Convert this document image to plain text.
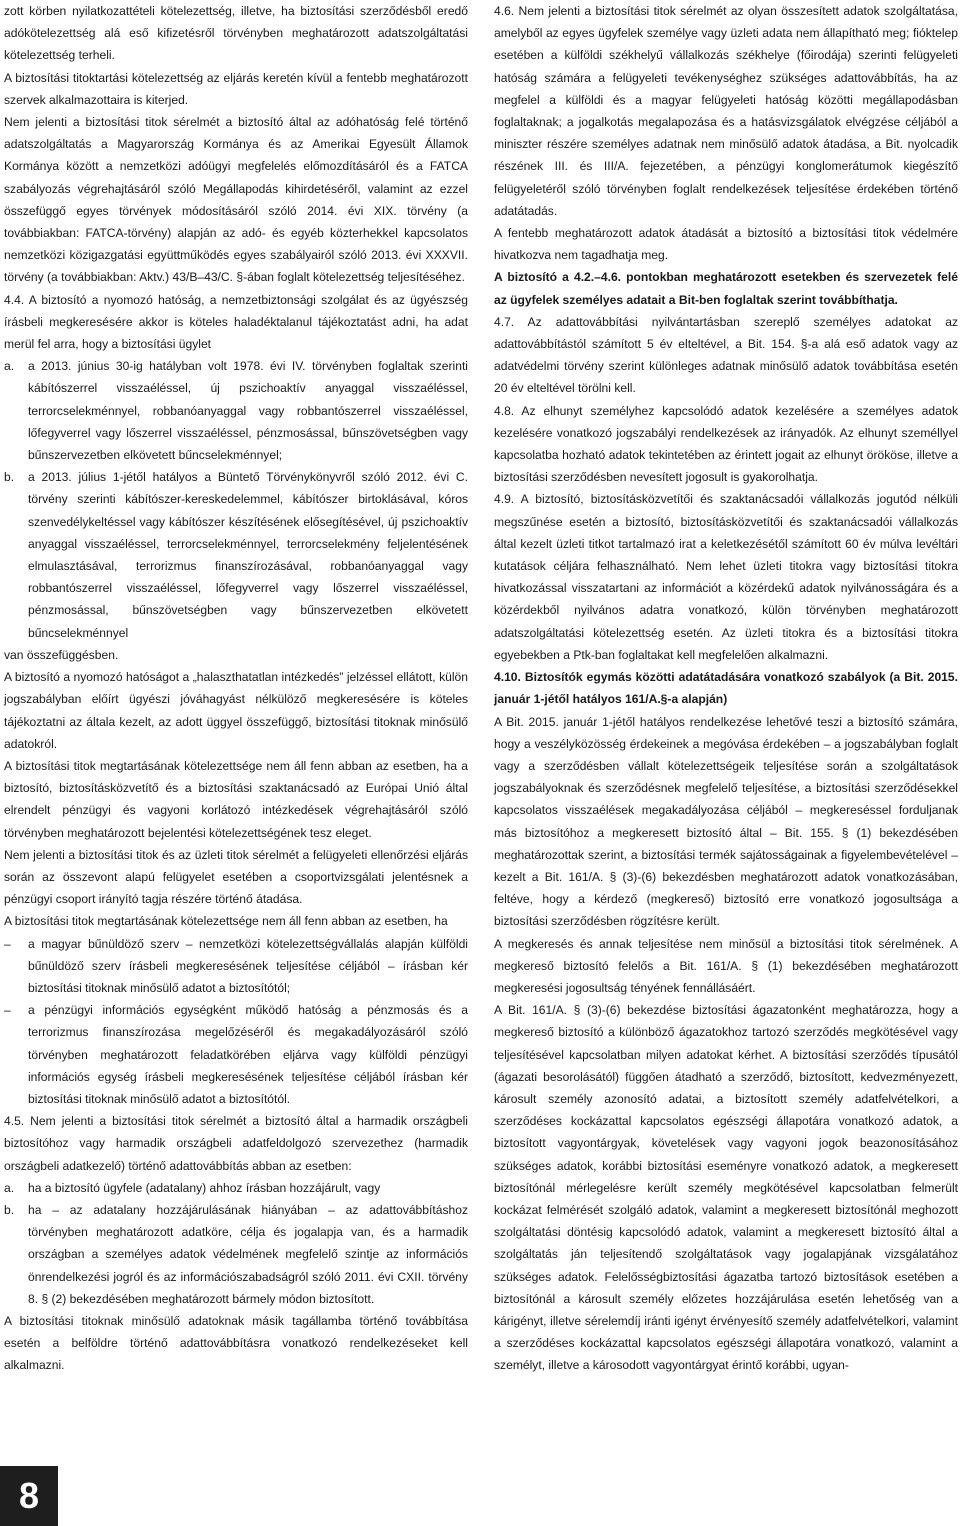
zott körben nyilatkozattételi kötelezettség, illetve, ha biztosítási szerződésből eredő adókötelezettség alá eső kifizetésről törvényben meghatározott adatszolgáltatási kötelezettség terheli.

A biztosítási titoktartási kötelezettség az eljárás keretén kívül a fentebb meghatározott szervek alkalmazottaira is kiterjed.

Nem jelenti a biztosítási titok sérelmét a biztosító által az adóhatóság felé történő adatszolgáltatás a Magyarország Kormánya és az Amerikai Egyesült Államok Kormánya között a nemzetközi adóügyi megfelelés előmozdításáról és a FATCA szabályozás végrehajtásáról szóló Megállapodás kihirdetéséről, valamint az ezzel összefüggő egyes törvények módosításáról szóló 2014. évi XIX. törvény (a továbbiakban: FATCA-törvény) alapján az adó- és egyéb közterhekkel kapcsolatos nemzetközi közigazgatási együttműködés egyes szabályairól szóló 2013. évi XXXVII. törvény (a továbbiakban: Aktv.) 43/B–43/C. §-ában foglalt kötelezettség teljesítéséhez.

4.4. A biztosító a nyomozó hatóság, a nemzetbiztonsági szolgálat és az ügyészség írásbeli megkeresésére akkor is köteles haladéktalanul tájékoztatást adni, ha adat merül fel arra, hogy a biztosítási ügylet

a. a 2013. június 30-ig hatályban volt 1978. évi IV. törvényben foglaltak szerinti kábítószerrel visszaéléssel, új pszichoaktív anyaggal visszaéléssel, terrorcselekménnyel, robbanóanyaggal vagy robbantószerrel visszaéléssel, lőfegyverrel vagy lőszerrel visszaéléssel, pénzmosással, bűnszövetségben vagy bűnszervezetben elkövetett bűncselekménnyel;

b. a 2013. július 1-jétől hatályos a Büntető Törvénykönyvről szóló 2012. évi C. törvény szerinti kábítószer-kereskedelemmel, kábítószer birtoklásával, kóros szenvedélykeltéssel vagy kábítószer készítésének elősegítésével, új pszichoaktív anyaggal visszaéléssel, terrorcselekménnyel, terrorcselekmény feljelentésének elmulasztásával, terrorizmus finanszírozásával, robbanóanyaggal vagy robbantószerrel visszaéléssel, lőfegyverrel vagy lőszerrel visszaéléssel, pénzmosással, bűnszövetségben vagy bűnszervezetben elkövetett bűncselekménnyel

van összefüggésben.

A biztosító a nyomozó hatóságot a „halaszthatatlan intézkedés” jelzéssel ellátott, külön jogszabályban előírt ügyészi jóváhagyást nélkülöző megkeresésére is köteles tájékoztatni az általa kezelt, az adott üggyel összefüggő, biztosítási titoknak minősülő adatokról.

A biztosítási titok megtartásának kötelezettsége nem áll fenn abban az esetben, ha a biztosító, biztosításközvetítő és a biztosítási szaktanácsadó az Európai Unió által elrendelt pénzügyi és vagyoni korlátozó intézkedések végrehajtásáról szóló törvényben meghatározott bejelentési kötelezettségének tesz eleget.

Nem jelenti a biztosítási titok és az üzleti titok sérelmét a felügyeleti ellenőrzési eljárás során az összevont alapú felügyelet esetében a csoportvizsgálati jelentésnek a pénzügyi csoport irányító tagja részére történő átadása.

A biztosítási titok megtartásának kötelezettsége nem áll fenn abban az esetben, ha

– a magyar bűnüldöző szerv – nemzetközi kötelezettségvállalás alapján külföldi bűnüldöző szerv írásbeli megkeresésének teljesítése céljából – írásban kér biztosítási titoknak minősülő adatot a biztosítótól;

– a pénzügyi információs egységként működő hatóság a pénzmosás és a terrorizmus finanszírozása megelőzéséről és megakadályozásáról szóló törvényben meghatározott feladatkörében eljárva vagy külföldi pénzügyi információs egység írásbeli megkeresésének teljesítése céljából írásban kér biztosítási titoknak minősülő adatot a biztosítótól.

4.5. Nem jelenti a biztosítási titok sérelmét a biztosító által a harmadik országbeli biztosítóhoz vagy harmadik országbeli adatfeldolgozó szervezethez (harmadik országbeli adatkezelő) történő adattovábbítás abban az esetben:

a. ha a biztosító ügyfele (adatalany) ahhoz írásban hozzájárult, vagy

b. ha – az adatalany hozzájárulásának hiányában – az adattovábbításhoz törvényben meghatározott adatköre, célja és jogalapja van, és a harmadik országban a személyes adatok védelmének megfelelő szintje az információs önrendelkezési jogról és az információszabadságról szóló 2011. évi CXII. törvény 8. § (2) bekezdésében meghatározott bármely módon biztosított.

A biztosítási titoknak minősülő adatoknak másik tagállamba történő továbbítása esetén a belföldre történő adattovábbításra vonatkozó rendelkezéseket kell alkalmazni.

4.6. Nem jelenti a biztosítási titok sérelmét az olyan összesített adatok szolgáltatása, amelyből az egyes ügyfelek személye vagy üzleti adata nem állapítható meg; fióktelep esetében a külföldi székhelyű vállalkozás székhelye (főirodája) szerinti felügyeleti hatóság számára a felügyeleti tevékenységhez szükséges adattovábbítás, ha az megfelel a külföldi és a magyar felügyeleti hatóság közötti megállapodásban foglaltaknak; a jogalkotás megalapozása és a hatásvizsgálatok elvégzése céljából a miniszter részére személyes adatnak nem minősülő adatok átadása, a Bit. nyolcadik részének III. és III/A. fejezetében, a pénzügyi konglomerátumok kiegészítő felügyeletéről szóló törvényben foglalt rendelkezések teljesítése érdekében történő adatátadás.

A fentebb meghatározott adatok átadását a biztosító a biztosítási titok védelmére hivatkozva nem tagadhatja meg.

A biztosító a 4.2.–4.6. pontokban meghatározott esetekben és szervezetek felé az ügyfelek személyes adatait a Bit-ben foglaltak szerint továbbíthatja.

4.7. Az adattovábbítási nyilvántartásban szereplő személyes adatokat az adattovábbítástól számított 5 év elteltével, a Bit. 154. §-a alá eső adatok vagy az adatvédelmi törvény szerint különleges adatnak minősülő adatok továbbítása esetén 20 év elteltével törölni kell.

4.8. Az elhunyt személyhez kapcsolódó adatok kezelésére a személyes adatok kezelésére vonatkozó jogszabályi rendelkezések az irányadók. Az elhunyt személlyel kapcsolatba hozható adatok tekintetében az érintett jogait az elhunyt örököse, illetve a biztosítási szerződésben nevesített jogosult is gyakorolhatja.

4.9. A biztosító, biztosításközvetítői és szaktanácsadói vállalkozás jogutód nélküli megszűnése esetén a biztosító, biztosításközvetítői és szaktanácsadói vállalkozás által kezelt üzleti titkot tartalmazó irat a keletkezésétől számított 60 év múlva levéltári kutatások céljára felhasználható. Nem lehet üzleti titokra vagy biztosítási titokra hivatkozással visszatartani az információt a közérdekű adatok nyilvánosságára és a közérdekből nyilvános adatra vonatkozó, külön törvényben meghatározott adatszolgáltatási kötelezettség esetén. Az üzleti titokra és a biztosítási titokra egyebekben a Ptk-ban foglaltakat kell megfelelően alkalmazni.

4.10. Biztosítók egymás közötti adatátadására vonatkozó szabályok (a Bit. 2015. január 1-jétől hatályos 161/A.§-a alapján)

A Bit. 2015. január 1-jétől hatályos rendelkezése lehetővé teszi a biztosító számára, hogy a veszélyközösség érdekeinek a megóvása érdekében – a jogszabályban foglalt vagy a szerződésben vállalt kötelezettségeik teljesítése során a szolgáltatások jogszabályoknak és szerződésnek megfelelő teljesítése, a biztosítási szerződésekkel kapcsolatos visszaélések megakadályozása céljából – megkereséssel forduljanak más biztosítóhoz a megkeresett biztosító által – Bit. 155. § (1) bekezdésében meghatározottak szerint, a biztosítási termék sajátosságainak a figyelembevételével – kezelt a Bit. 161/A. § (3)-(6) bekezdésben meghatározott adatok vonatkozásában, feltéve, hogy a kérdező (megkereső) biztosító erre vonatkozó jogosultsága a biztosítási szerződésben rögzítésre került.

A megkeresés és annak teljesítése nem minősül a biztosítási titok sérelmének. A megkereső biztosító felelős a Bit. 161/A. § (1) bekezdésében meghatározott megkeresési jogosultság tényének fennállásáért.

A Bit. 161/A. § (3)-(6) bekezdése biztosítási ágazatonként meghatározza, hogy a megkereső biztosító a különböző ágazatokhoz tartozó szerződés megkötésével vagy teljesítésével kapcsolatban milyen adatokat kérhet. A biztosítási szerződés típusától (ágazati besorolásától) függően átadható a szerződő, biztosított, kedvezményezett, károsult személy azonosító adatai, a biztosított személy adatfelvételkori, a szerződéses kockázattal kapcsolatos egészségi állapotára vonatkozó adatok, a biztosított vagyontárgyak, követelések vagy vagyoni jogok beazonosításához szükséges adatok, korábbi biztosítási eseményre vonatkozó adatok, a megkeresett biztosítónál mérlegelésre került személy megkötésével kapcsolatban felmerült kockázat felmérését szolgáló adatok, valamint a megkeresett biztosítónál meghozott szolgáltatási döntésig kapcsolódó adatok, valamint a megkeresett biztosító által a szolgáltatás ján teljesítendő szolgáltatások vagy jogalapjának vizsgálatához szükséges adatok. Felelősségbiztosítási ágazatba tartozó biztosítások esetében a biztosítónál a károsult személy előzetes hozzájárulása esetén lehetőség van a kárigényt, illetve sérelemdíj iránti igényt érvényesítő személy adatfelvételkori, valamint a szerződéses kockázattal kapcsolatos egészségi állapotára vonatkozó, valamint a személyt, illetve a károsodott vagyontárgyat érintő korábbi, ugyan-

8
